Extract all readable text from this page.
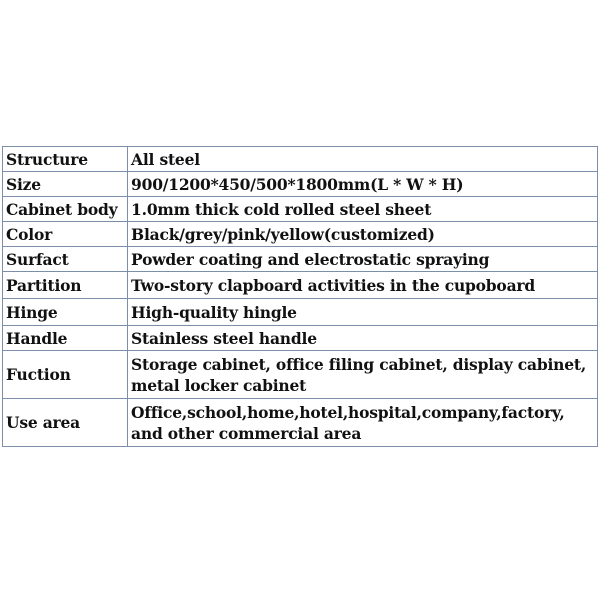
Structure	All steel
Size	900/1200*450/500*1800mm(L * W * H)
Cabinet body	1.0mm thick cold rolled steel sheet
Color	Black/grey/pink/yellow(customized)
Surfact	Powder coating and electrostatic spraying
Partition	Two-story clapboard activities in the cupoboard
Hinge	High-quality hingle
Handle	Stainless steel handle
Fuction	Storage cabinet, office filing cabinet, display cabinet, metal locker cabinet
Use area	Office,school,home,hotel,hospital,company,factory, and other commercial area
